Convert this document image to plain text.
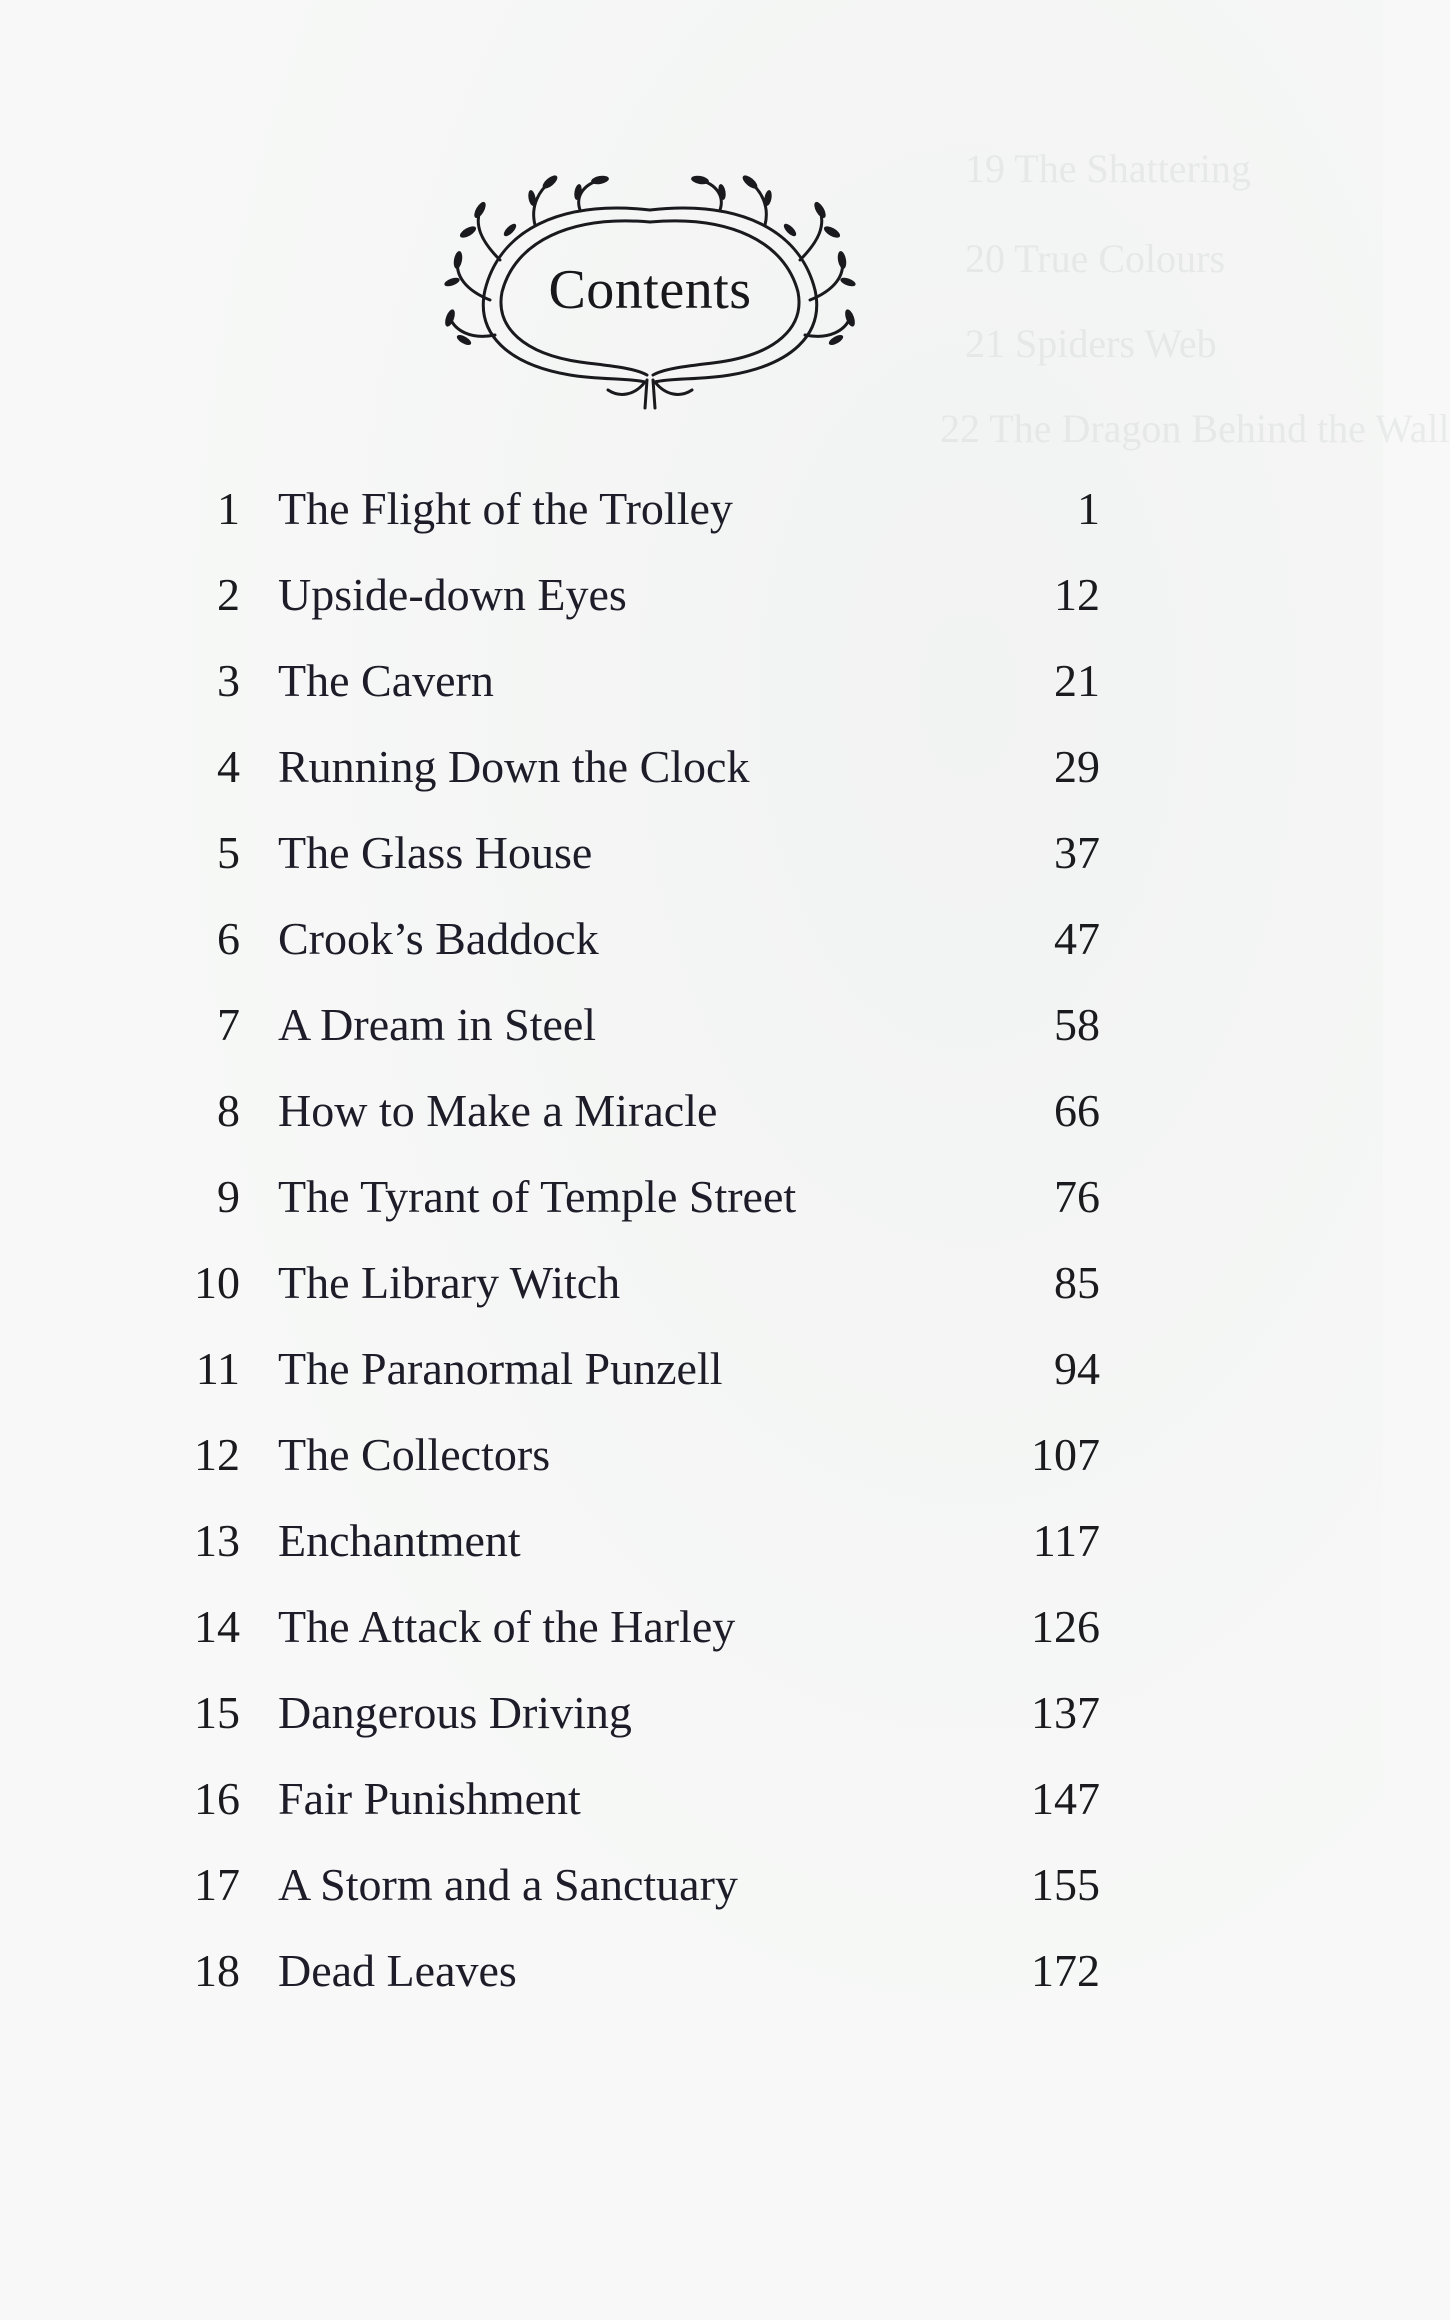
19 The Shattering
20 True Colours
21 Spiders Web
22 The Dragon Behind the Wall
Contents
1 The Flight of the Trolley	1
2 Upside-down Eyes	12
3 The Cavern	21
4 Running Down the Clock	29
5 The Glass House	37
6 Crook’s Baddock	47
7 A Dream in Steel	58
8 How to Make a Miracle	66
9 The Tyrant of Temple Street	76
10 The Library Witch	85
11 The Paranormal Punzell	94
12 The Collectors	107
13 Enchantment	117
14 The Attack of the Harley	126
15 Dangerous Driving	137
16 Fair Punishment	147
17 A Storm and a Sanctuary	155
18 Dead Leaves	172
